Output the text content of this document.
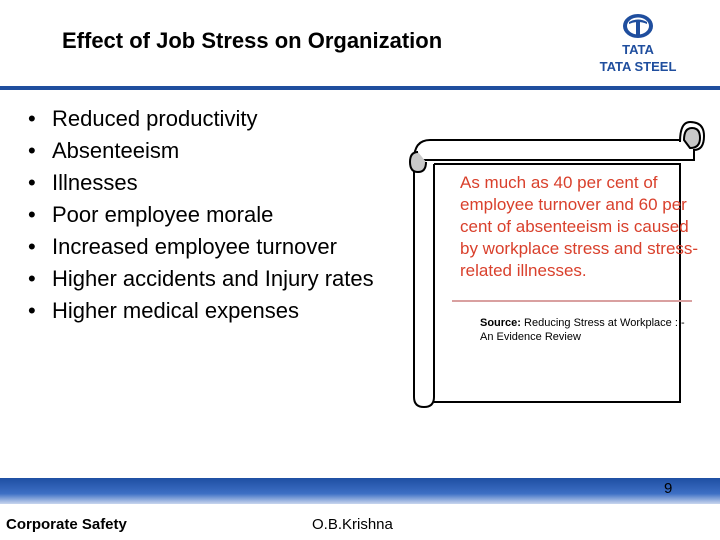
Effect of Job Stress on Organization	TATA
TATA STEEL
• Reduced productivity
• Absenteeism
• Illnesses
• Poor employee morale
• Increased employee turnover
• Higher accidents and Injury rates
• Higher medical expenses
As much as 40 per cent of employee turnover and 60 per cent of absenteeism is caused by workplace stress and stress-related illnesses.
Source: Reducing Stress at Workplace : - An Evidence Review
Corporate Safety	O.B.Krishna
9
